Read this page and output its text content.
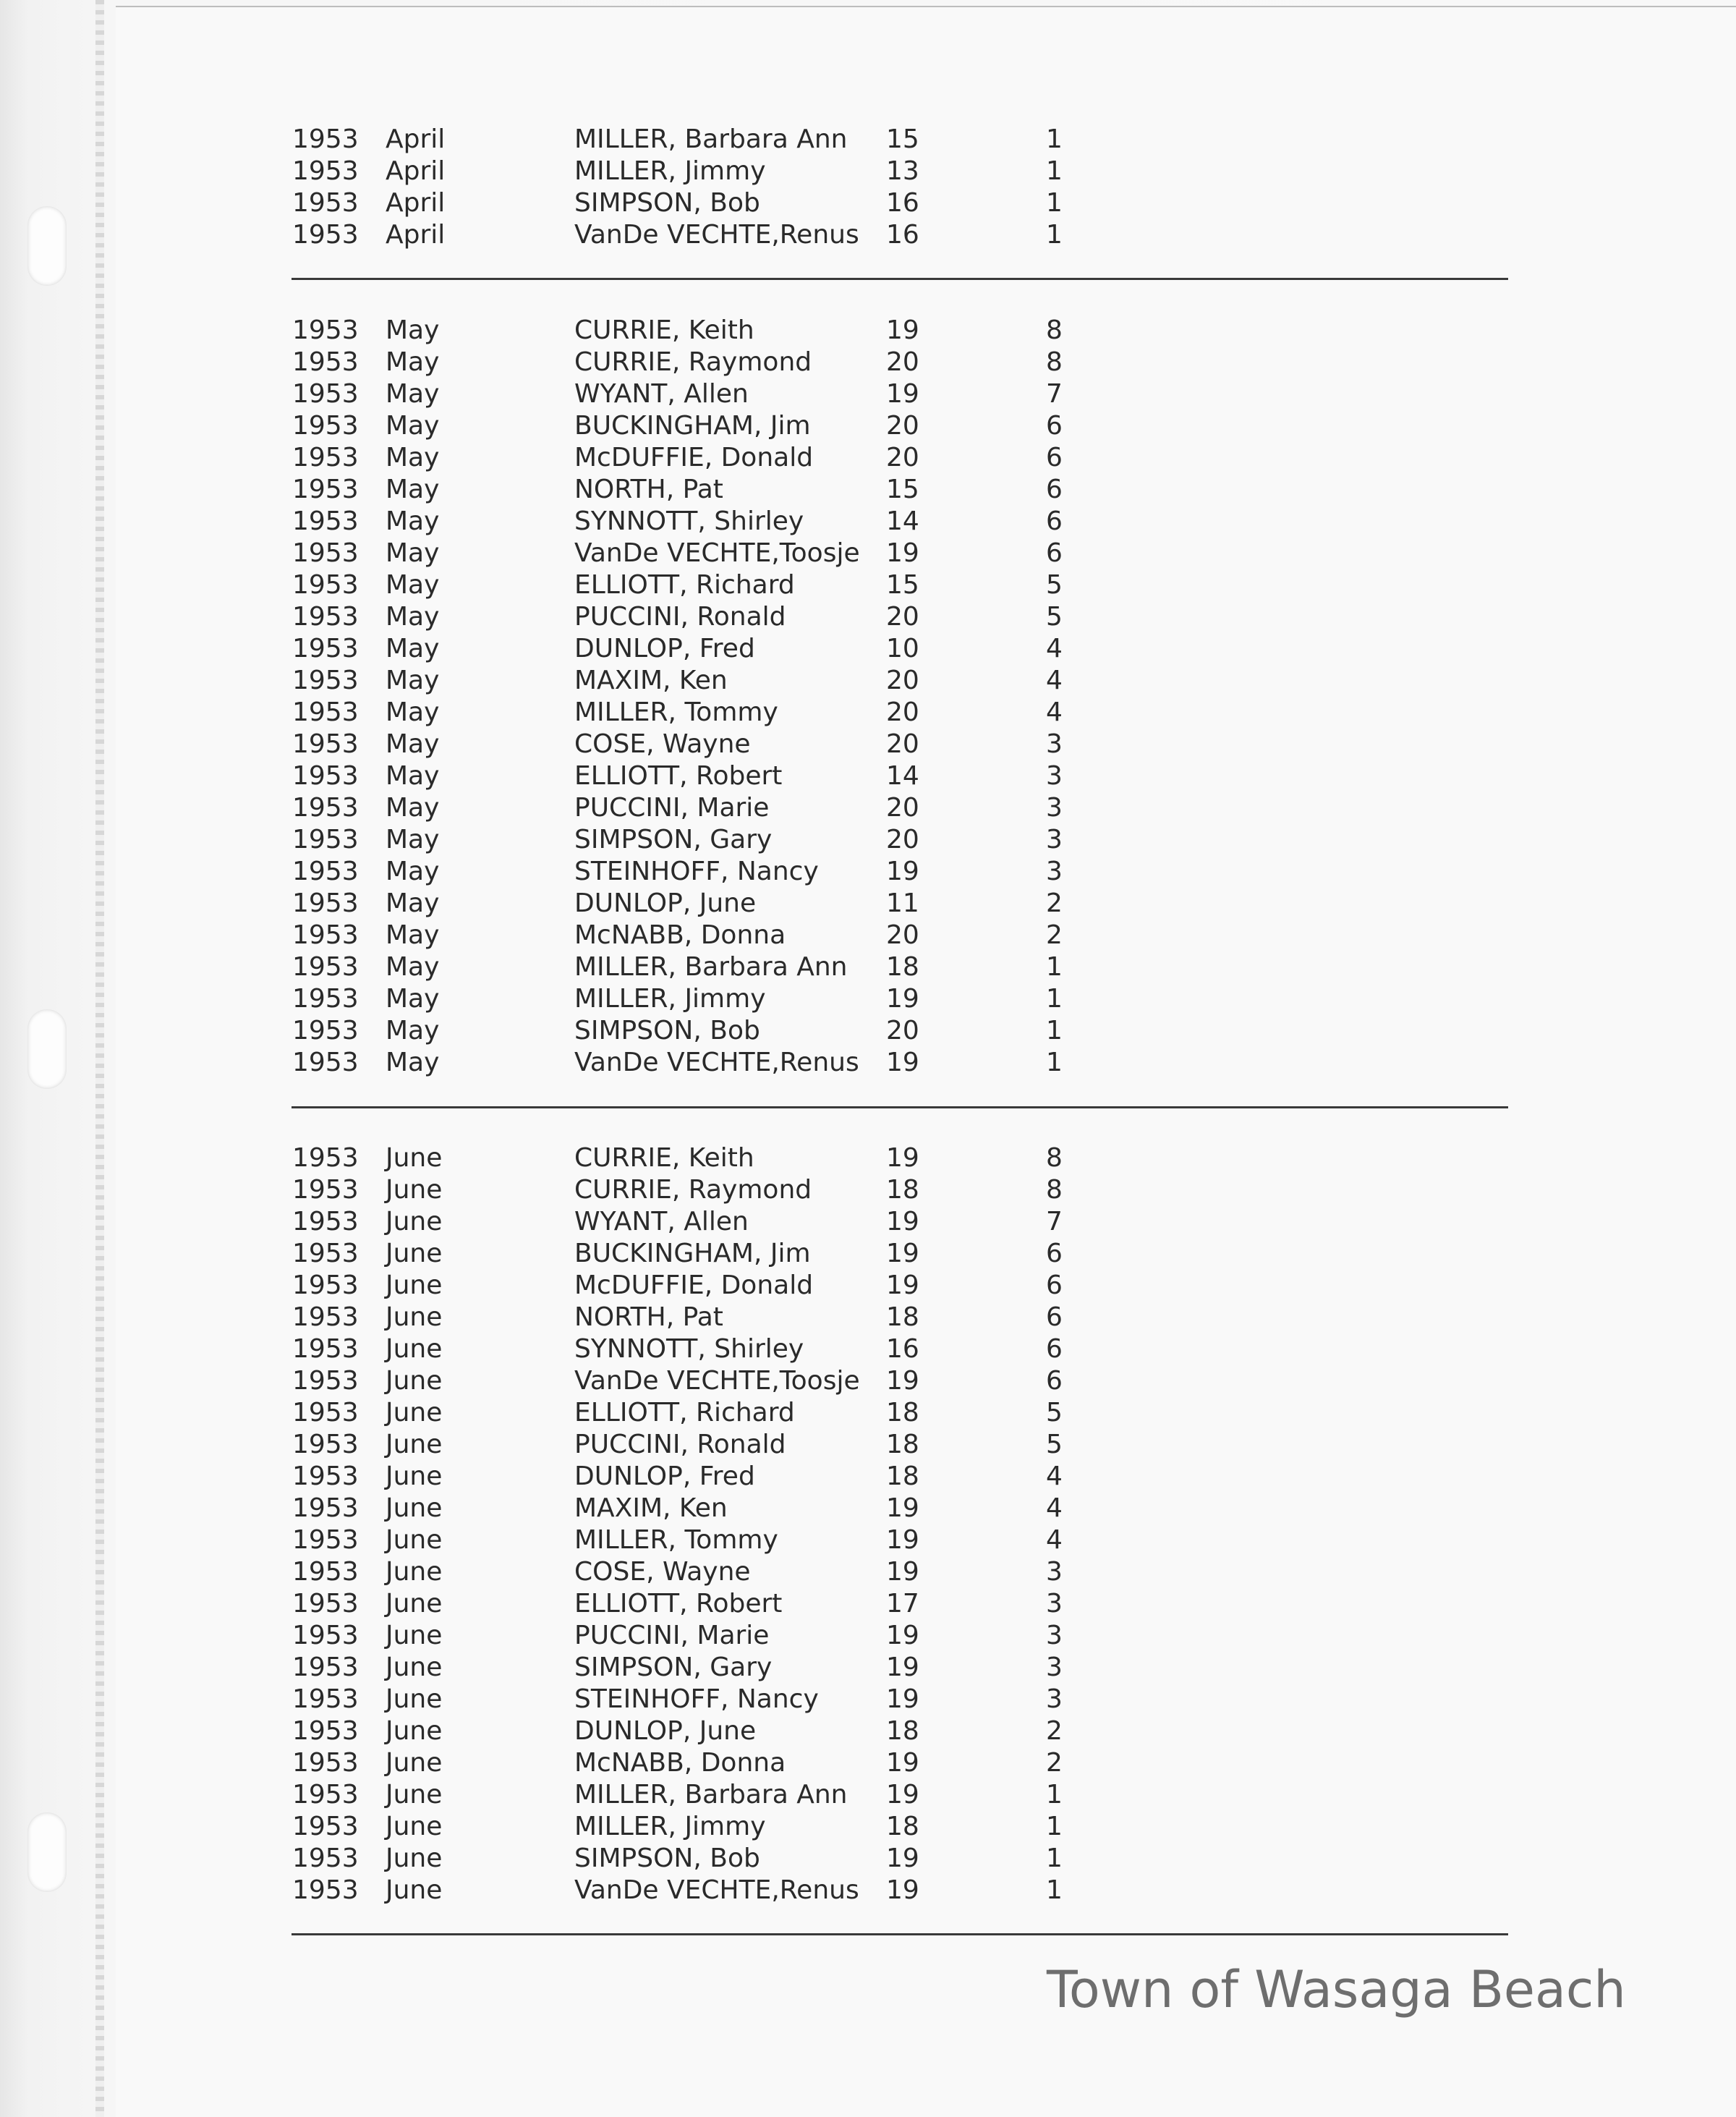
1953 April	MILLER, Barbara Ann 15	1
1953 April	MILLER, Jimmy	13	1
1953 April	SIMPSON, Bob	16	1
1953 April	VanDe VECHTE,Renus 16	1
1953 May	CURRIE, Keith	19	8
1953 May	CURRIE, Raymond	20	8
1953 May	WYANT, Allen	19	7
1953 May	BUCKINGHAM, Jim	20	6
1953 May	McDUFFIE, Donald	20	6
1953 May	NORTH, Pat	15	6
1953 May	SYNNOTT, Shirley	14	6
1953 May	VanDe VECHTE,Toosje 19	6
1953 May	ELLIOTT, Richard	15	5
1953 May	PUCCINI, Ronald	20	5
1953 May	DUNLOP, Fred	10	4
1953 May	MAXIM, Ken	20	4
1953 May	MILLER, Tommy	20	4
1953 May	COSE, Wayne	20	3
1953 May	ELLIOTT, Robert	14	3
1953 May	PUCCINI, Marie	20	3
1953 May	SIMPSON, Gary	20	3
1953 May	STEINHOFF, Nancy	19	3
1953 May	DUNLOP, June	11	2
1953 May	McNABB, Donna	20	2
1953 May	MILLER, Barbara Ann 18	1
1953 May	MILLER, Jimmy	19	1
1953 May	SIMPSON, Bob	20	1
1953 May	VanDe VECHTE,Renus 19	1
1953 June	CURRIE, Keith	19	8
1953 June	CURRIE, Raymond	18	8
1953 June	WYANT, Allen	19	7
1953 June	BUCKINGHAM, Jim	19	6
1953 June	McDUFFIE, Donald	19	6
1953 June	NORTH, Pat	18	6
1953 June	SYNNOTT, Shirley	16	6
1953 June	VanDe VECHTE,Toosje 19	6
1953 June	ELLIOTT, Richard	18	5
1953 June	PUCCINI, Ronald	18	5
1953 June	DUNLOP, Fred	18	4
1953 June	MAXIM, Ken	19	4
1953 June	MILLER, Tommy	19	4
1953 June	COSE, Wayne	19	3
1953 June	ELLIOTT, Robert	17	3
1953 June	PUCCINI, Marie	19	3
1953 June	SIMPSON, Gary	19	3
1953 June	STEINHOFF, Nancy	19	3
1953 June	DUNLOP, June	18	2
1953 June	McNABB, Donna	19	2
1953 June	MILLER, Barbara Ann 19	1
1953 June	MILLER, Jimmy	18	1
1953 June	SIMPSON, Bob	19	1
1953 June	VanDe VECHTE,Renus 19	1
Town of Wasaga Beach
